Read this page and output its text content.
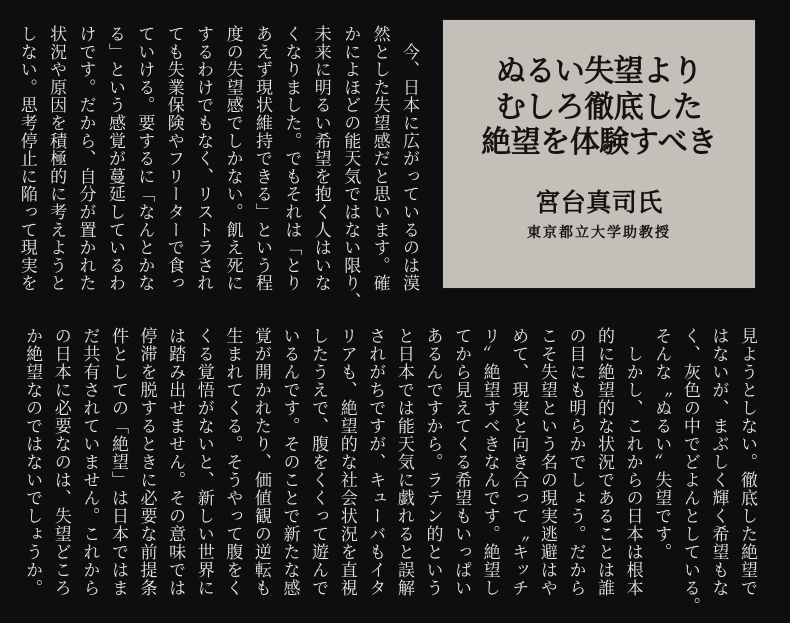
　今、日本に広がっているのは漠
然とした失望感だと思います。確
かによほどの能天気ではない限り、
未来に明るい希望を抱く人はいな
くなりました。でもそれは「とり
あえず現状維持できる」という程
度の失望感でしかない。飢え死に
するわけでもなく、リストラされ
ても失業保険やフリーターで食っ
ていける。要するに「なんとかな
る」という感覚が蔓延しているわ
けです。だから、自分が置かれた
状況や原因を積極的に考えようと
しない。思考停止に陥って現実を	ぬるい失望より
むしろ徹底した
絶望を体験すべき
宮台真司氏
東京都立大学助教授
見ようとしない。徹底した絶望で
はないが、まぶしく輝く希望もな
く、灰色の中でどよんとしている。
そんな〝ぬるい〟失望です。
　しかし、これからの日本は根本
的に絶望的な状況であることは誰
の目にも明らかでしょう。だから
こそ失望という名の現実逃避はや
めて、現実と向き合って〝キッチ
リ〟絶望すべきなんです。絶望し
てから見えてくる希望もいっぱい
あるんですから。ラテン的という
と日本では能天気に戯れると誤解
されがちですが、キューバもイタ
リアも、絶望的な社会状況を直視
したうえで、腹をくくって遊んで
いるんです。そのことで新たな感
覚が開かれたり、価値観の逆転も
生まれてくる。そうやって腹をく
くる覚悟がないと、新しい世界に
は踏み出せません。その意味では
停滞を脱するときに必要な前提条
件としての「絶望」は日本ではま
だ共有されていません。これから
の日本に必要なのは、失望どころ
か絶望なのではないでしょうか。
